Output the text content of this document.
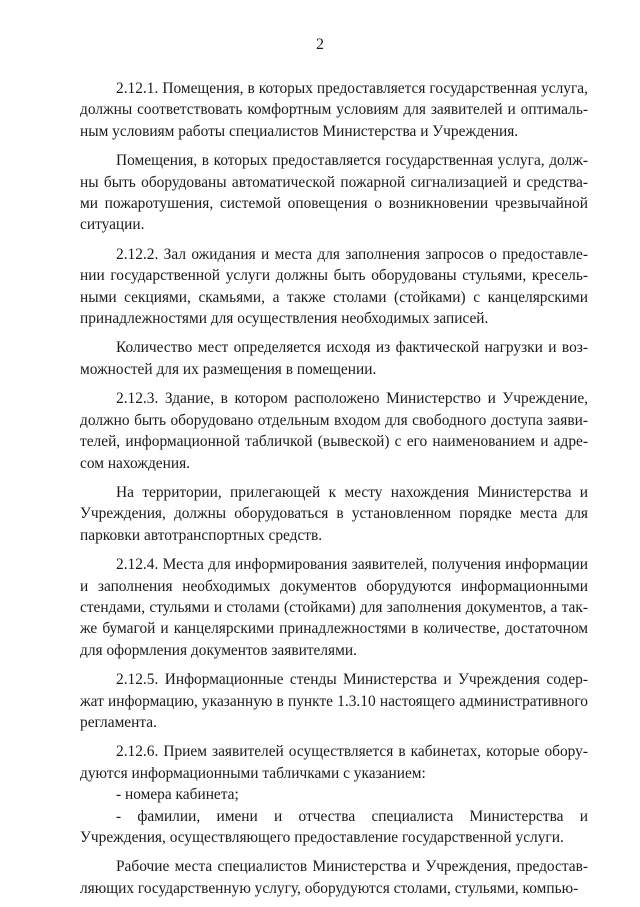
2

2.12.1. Помещения, в которых предоставляется государственная услуга, должны соответствовать комфортным условиям для заявителей и оптимальным условиям работы специалистов Министерства и Учреждения.

Помещения, в которых предоставляется государственная услуга, должны быть оборудованы автоматической пожарной сигнализацией и средствами пожаротушения, системой оповещения о возникновении чрезвычайной ситуации.

2.12.2. Зал ожидания и места для заполнения запросов о предоставлении государственной услуги должны быть оборудованы стульями, кресельными секциями, скамьями, а также столами (стойками) с канцелярскими принадлежностями для осуществления необходимых записей.

Количество мест определяется исходя из фактической нагрузки и возможностей для их размещения в помещении.

2.12.3. Здание, в котором расположено Министерство и Учреждение, должно быть оборудовано отдельным входом для свободного доступа заявителей, информационной табличкой (вывеской) с его наименованием и адресом нахождения.

На территории, прилегающей к месту нахождения Министерства и Учреждения, должны оборудоваться в установленном порядке места для парковки автотранспортных средств.

2.12.4. Места для информирования заявителей, получения информации и заполнения необходимых документов оборудуются информационными стендами, стульями и столами (стойками) для заполнения документов, а также бумагой и канцелярскими принадлежностями в количестве, достаточном для оформления документов заявителями.

2.12.5. Информационные стенды Министерства и Учреждения содержат информацию, указанную в пункте 1.3.10 настоящего административного регламента.

2.12.6. Прием заявителей осуществляется в кабинетах, которые оборудуются информационными табличками с указанием:

- номера кабинета;

- фамилии, имени и отчества специалиста Министерства и Учреждения, осуществляющего предоставление государственной услуги.

Рабочие места специалистов Министерства и Учреждения, предоставляющих государственную услугу, оборудуются столами, стульями, компью-
